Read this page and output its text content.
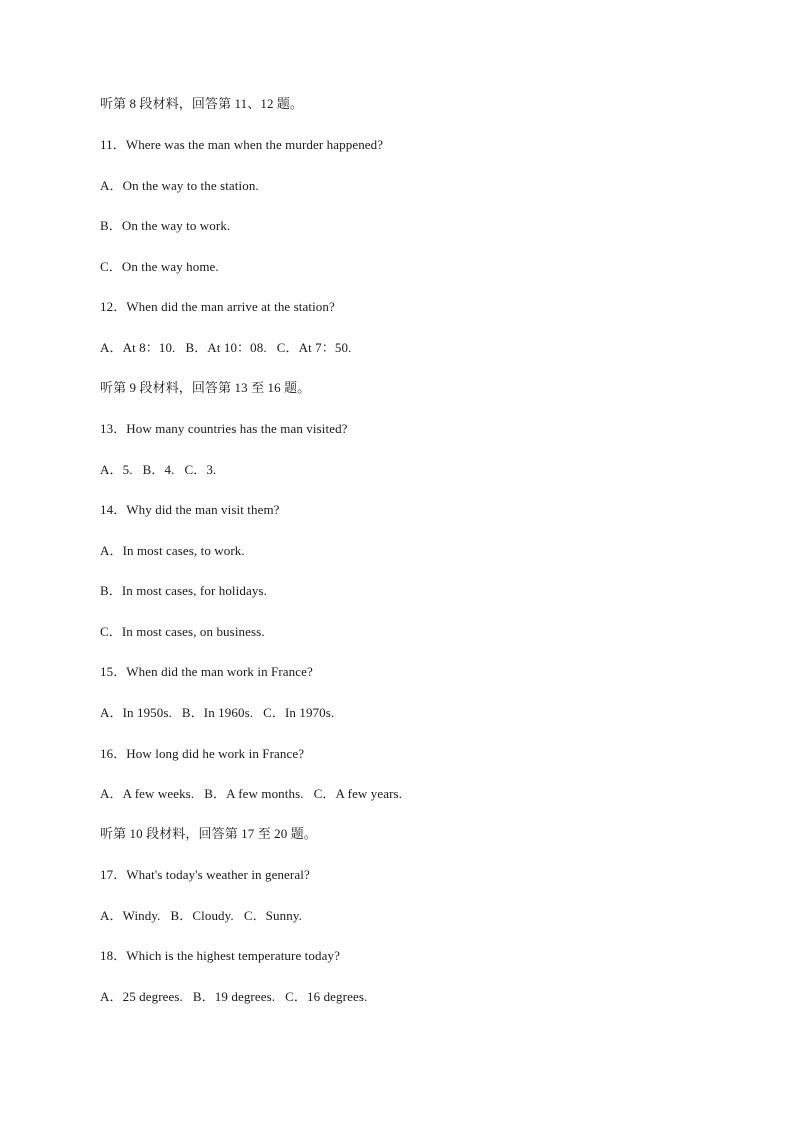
听第 8 段材料，回答第 11、12 题。
11．Where was the man when the murder happened?
A．On the way to the station.
B．On the way to work.
C．On the way home.
12．When did the man arrive at the station?
A．At 8：10.   B．At 10：08.   C．At 7：50.
听第 9 段材料，回答第 13 至 16 题。
13．How many countries has the man visited?
A．5.   B．4.   C．3.
14．Why did the man visit them?
A．In most cases, to work.
B．In most cases, for holidays.
C．In most cases, on business.
15．When did the man work in France?
A．In 1950s.   B．In 1960s.   C．In 1970s.
16．How long did he work in France?
A．A few weeks.   B．A few months.   C．A few years.
听第 10 段材料，回答第 17 至 20 题。
17．What's today's weather in general?
A．Windy.   B．Cloudy.   C．Sunny.
18．Which is the highest temperature today?
A．25 degrees.   B．19 degrees.   C．16 degrees.
